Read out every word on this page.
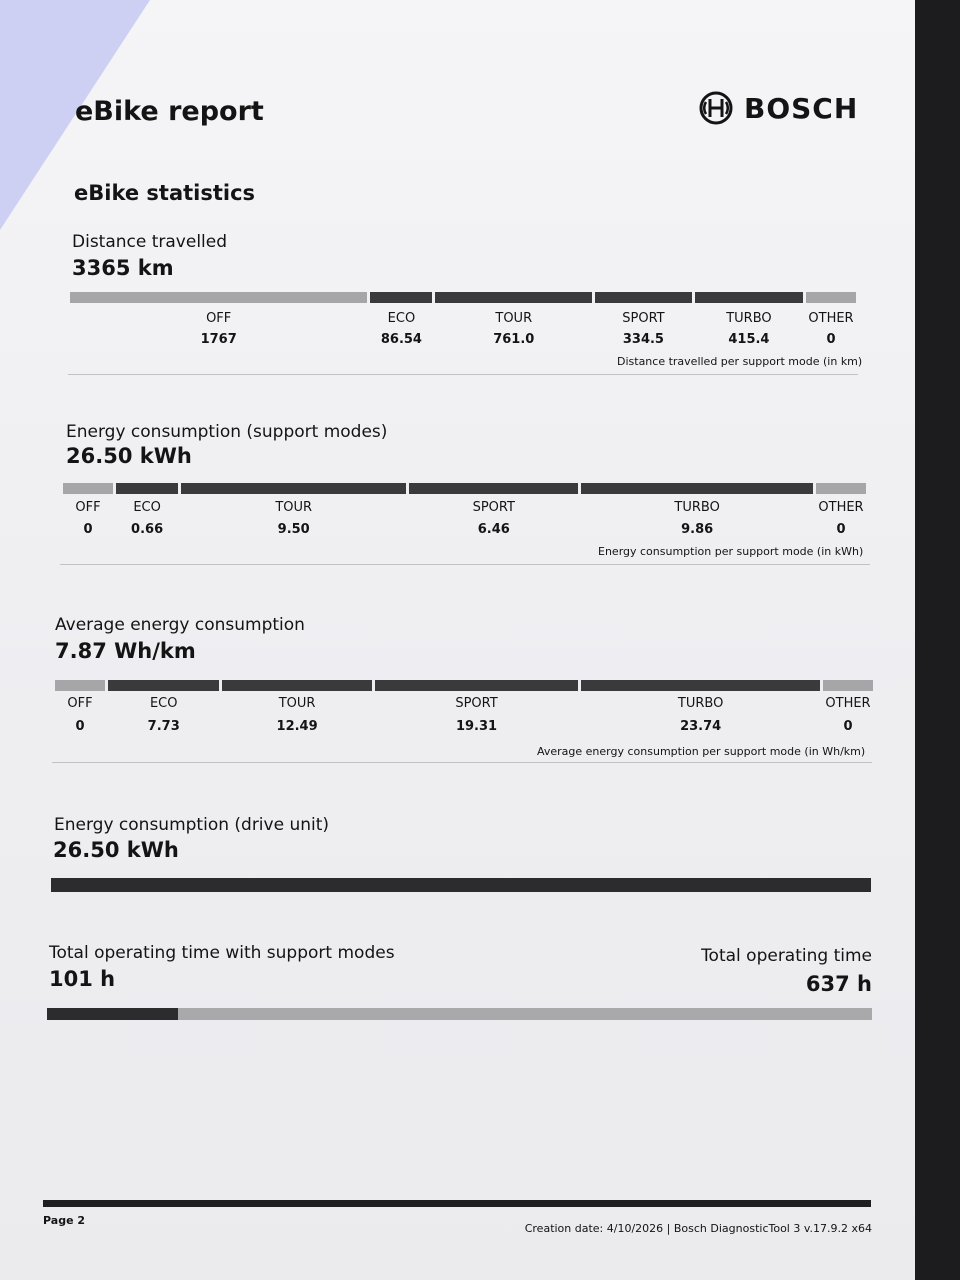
eBike report	BOSCH
eBike statistics
Distance travelled
3365 km
OFF
1767
ECO
86.54
TOUR
761.0
SPORT
334.5
TURBO
415.4
OTHER
0
Distance travelled per support mode (in km)
Energy consumption (support modes)
26.50 kWh
OFF
0
ECO
0.66
TOUR
9.50
SPORT
6.46
TURBO
9.86
OTHER
0
Energy consumption per support mode (in kWh)
Average energy consumption
7.87 Wh/km
OFF
0
ECO
7.73
TOUR
12.49
SPORT
19.31
TURBO
23.74
OTHER
0
Average energy consumption per support mode (in Wh/km)
Energy consumption (drive unit)
26.50 kWh
Total operating time with support modes
101 h
Total operating time
637 h
Page 2
Creation date: 4/10/2026 | Bosch DiagnosticTool 3 v.17.9.2 x64
